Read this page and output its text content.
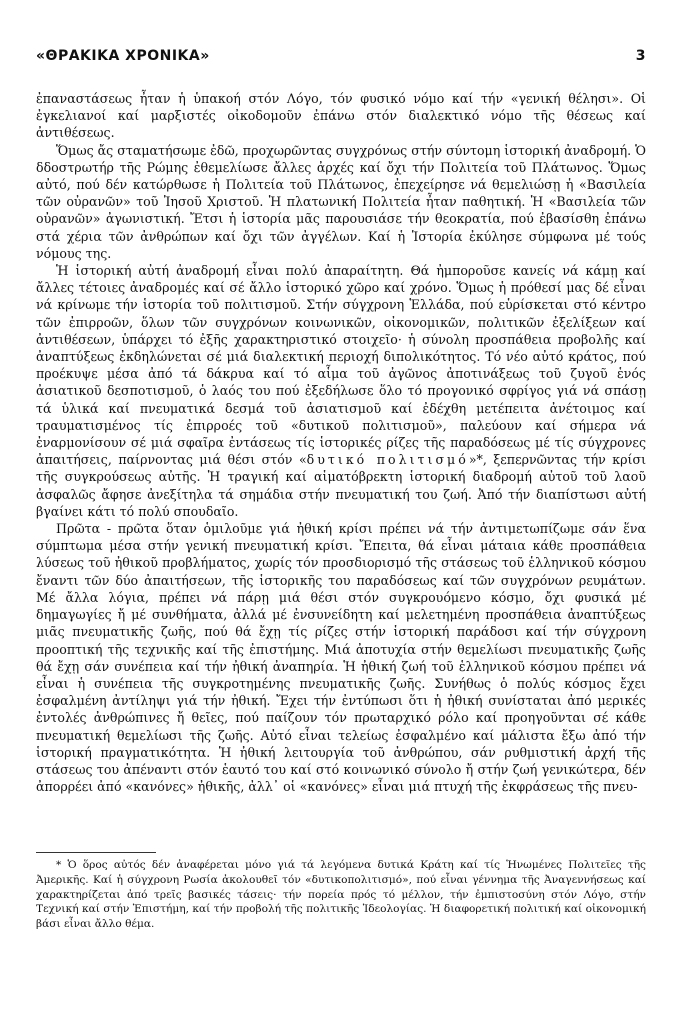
«ΘΡΑΚΙΚΑ ΧΡΟΝΙΚΑ»	3

ἐπαναστάσεως ἦταν ἡ ὑπακοή στόν Λόγο, τόν φυσικό νόμο καί τήν «γενική θέλησι». Οἱ ἐγκελιανοί καί μαρξιστές οἰκοδομοῦν ἐπάνω στόν διαλεκτικό νόμο τῆς θέσεως καί ἀντιθέσεως.

Ὅμως ἄς σταματήσωμε ἐδῶ, προχωρῶντας συγχρόνως στήν σύντομη ἱστορική ἀναδρομή. Ὁ δδοστρωτήρ τῆς Ρώμης ἐθεμελίωσε ἄλλες ἀρχές καί ὄχι τήν Πολιτεία τοῦ Πλάτωνος. Ὅμως αὐτό, πού δέν κατώρθωσε ἡ Πολιτεία τοῦ Πλάτωνος, ἐπεχείρησε νά θεμελιώσῃ ἡ «Βασιλεία τῶν οὐρανῶν» τοῦ Ἰησοῦ Χριστοῦ. Ἡ πλατωνική Πολιτεία ἦταν παθητική. Ἡ «Βασιλεία τῶν οὐρανῶν» ἀγωνιστική. Ἔτσι ἡ ἱστορία μᾶς παρουσιάσε τήν θεοκρατία, πού ἐβασίσθη ἐπάνω στά χέρια τῶν ἀνθρώπων καί ὄχι τῶν ἀγγέλων. Καί ἡ Ἱστορία ἐκύλησε σύμφωνα μέ τούς νόμους της.

Ἡ ἱστορική αὐτή ἀναδρομή εἶναι πολύ ἀπαραίτητη. Θά ἠμποροῦσε κανείς νά κάμῃ καί ἄλλες τέτοιες ἀναδρομές καί σέ ἄλλο ἱστορικό χῶρο καί χρόνο. Ὅμως ἡ πρόθεσί μας δέ εἶναι νά κρίνωμε τήν ἱστορία τοῦ πολιτισμοῦ. Στήν σύγχρονη Ἑλλάδα, πού εὑρίσκεται στό κέντρο τῶν ἐπιρροῶν, ὅλων τῶν συγχρόνων κοινωνικῶν, οἰκονομικῶν, πολιτικῶν ἐξελίξεων καί ἀντιθέσεων, ὑπάρχει τό ἐξῆς χαρακτηριστικό στοιχεῖο· ἡ σύνολη προσπάθεια προβολῆς καί ἀναπτύξεως ἐκδηλώνεται σέ μιά διαλεκτική περιοχή διπολικότητος. Τό νέο αὐτό κράτος, πού προέκυψε μέσα ἀπό τά δάκρυα καί τό αἷμα τοῦ ἀγῶνος ἀποτινάξεως τοῦ ζυγοῦ ἑνός ἀσιατικοῦ δεσποτισμοῦ, ὁ λαός του πού ἐξεδήλωσε ὅλο τό προγονικό σφρίγος γιά νά σπάσῃ τά ὑλικά καί πνευματικά δεσμά τοῦ ἀσιατισμοῦ καί ἐδέχθη μετέπειτα ἀνέτοιμος καί τραυματισμένος τίς ἐπιρροές τοῦ «δυτικοῦ πολιτισμοῦ», παλεύουν καί σήμερα νά ἐναρμονίσουν σέ μιά σφαῖρα ἐντάσεως τίς ἱστορικές ρίζες τῆς παραδόσεως μέ τίς σύγχρονες ἀπαιτήσεις, παίρνοντας μιά θέσι στόν «δυτικό πολιτισμό»*, ξεπερνῶντας τήν κρίσι τῆς συγκρούσεως αὐτῆς. Ἡ τραγική καί αἱματόβρεκτη ἱστορική διαδρομή αὐτοῦ τοῦ λαοῦ ἀσφαλῶς ἄφησε ἀνεξίτηλα τά σημάδια στήν πνευματική του ζωή. Ἀπό τήν διαπίστωσι αὐτή βγαίνει κάτι τό πολύ σπουδαῖο.

Πρῶτα - πρῶτα ὅταν ὁμιλοῦμε γιά ἠθική κρίσι πρέπει νά τήν ἀντιμετωπίζωμε σάν ἕνα σύμπτωμα μέσα στήν γενική πνευματική κρίσι. Ἔπειτα, θά εἶναι μάταια κάθε προσπάθεια λύσεως τοῦ ἠθικοῦ προβλήματος, χωρίς τόν προσδιορισμό τῆς στάσεως τοῦ ἑλληνικοῦ κόσμου ἔναντι τῶν δύο ἀπαιτήσεων, τῆς ἱστορικῆς του παραδόσεως καί τῶν συγχρόνων ρευμάτων. Μέ ἄλλα λόγια, πρέπει νά πάρῃ μιά θέσι στόν συγκρουόμενο κόσμο, ὄχι φυσικά μέ δημαγωγίες ἤ μέ συνθήματα, ἀλλά μέ ἐνσυνείδητη καί μελετημένη προσπάθεια ἀναπτύξεως μιᾶς πνευματικῆς ζωῆς, πού θά ἔχῃ τίς ρίζες στήν ἱστορική παράδοσι καί τήν σύγχρονη προοπτική τῆς τεχνικῆς καί τῆς ἐπιστήμης. Μιά ἀποτυχία στήν θεμελίωσι πνευματικῆς ζωῆς θά ἔχῃ σάν συνέπεια καί τήν ἠθική ἀναπηρία. Ἡ ἠθική ζωή τοῦ ἑλληνικοῦ κόσμου πρέπει νά εἶναι ἡ συνέπεια τῆς συγκροτημένης πνευματικῆς ζωῆς. Συνήθως ὁ πολύς κόσμος ἔχει ἐσφαλμένη ἀντίληψι γιά τήν ἠθική. Ἔχει τήν ἐντύπωσι ὅτι ἡ ἠθική συνίσταται ἀπό μερικές ἐντολές ἀνθρώπινες ἤ θεῖες, πού παίζουν τόν πρωταρχικό ρόλο καί προηγοῦνται σέ κάθε πνευματική θεμελίωσι τῆς ζωῆς. Αὐτό εἶναι τελείως ἐσφαλμένο καί μάλιστα ἔξω ἀπό τήν ἱστορική πραγματικότητα. Ἡ ἠθική λειτουργία τοῦ ἀνθρώπου, σάν ρυθμιστική ἀρχή τῆς στάσεως του ἀπέναντι στόν ἑαυτό του καί στό κοινωνικό σύνολο ἤ στήν ζωή γενικώτερα, δέν ἀπορρέει ἀπό «κανόνες» ἠθικῆς, ἀλλ᾽ οἱ «κανόνες» εἶναι μιά πτυχή τῆς ἐκφράσεως τῆς πνευ-

* Ὁ ὅρος αὐτός δέν ἀναφέρεται μόνο γιά τά λεγόμενα δυτικά Κράτη καί τίς Ἡνωμένες Πολιτεῖες τῆς Ἀμερικῆς. Καί ἡ σύγχρονη Ρωσία ἀκολουθεῖ τόν «δυτικοπολιτισμό», πού εἶναι γέννημα τῆς Ἀναγεννήσεως καί χαρακτηρίζεται ἀπό τρεῖς βασικές τάσεις· τήν πορεία πρός τό μέλλον, τήν ἐμπιστοσύνη στόν Λόγο, στήν Τεχνική καί στήν Ἐπιστήμη, καί τήν προβολή τῆς πολιτικῆς Ἰδεολογίας. Ἡ διαφορετική πολιτική καί οἰκονομική βάσι εἶναι ἄλλο θέμα.
